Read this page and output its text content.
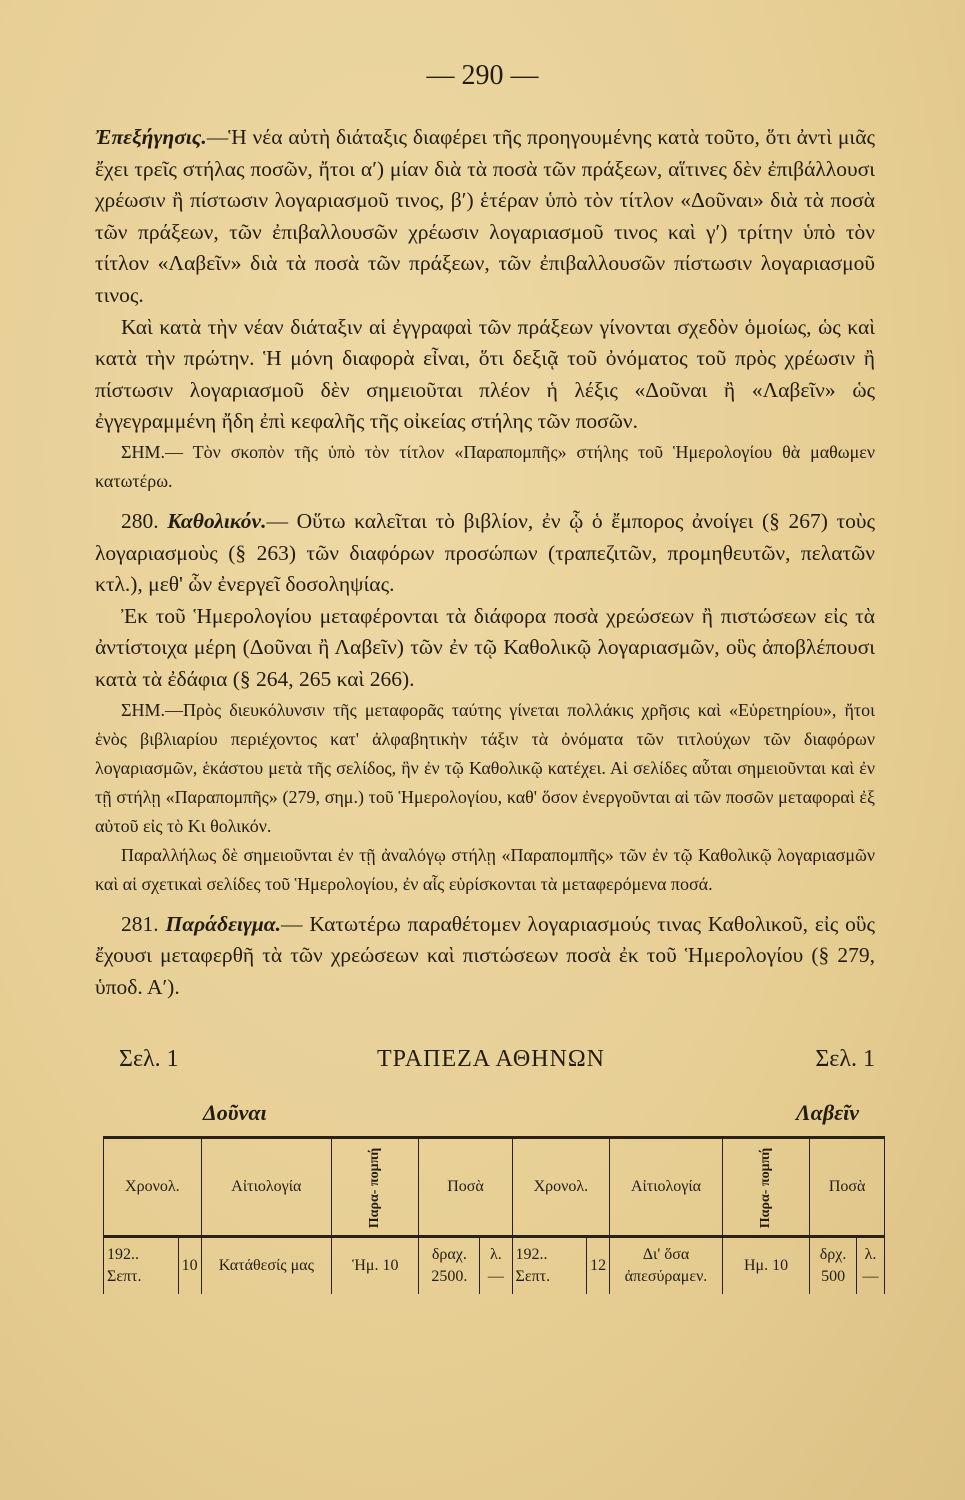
— 290 —

Ἐπεξήγησις.—Ἡ νέα αὐτὴ διάταξις διαφέρει τῆς προηγουμένης κατὰ τοῦτο, ὅτι ἀντὶ μιᾶς ἔχει τρεῖς στήλας ποσῶν, ἤτοι α′) μίαν διὰ τὰ ποσὰ τῶν πράξεων, αἵτινες δὲν ἐπιβάλλουσι χρέωσιν ἢ πίστωσιν λογαριασμοῦ τινος, β′) ἑτέραν ὑπὸ τὸν τίτλον «Δοῦναι» διὰ τὰ ποσὰ τῶν πράξεων, τῶν ἐπιβαλλουσῶν χρέωσιν λογαριασμοῦ τινος καὶ γ′) τρίτην ὑπὸ τὸν τίτλον «Λαβεῖν» διὰ τὰ ποσὰ τῶν πράξεων, τῶν ἐπιβαλλουσῶν πίστωσιν λογαριασμοῦ τινος.

Καὶ κατὰ τὴν νέαν διάταξιν αἱ ἐγγραφαὶ τῶν πράξεων γίνονται σχεδὸν ὁμοίως, ὡς καὶ κατὰ τὴν πρώτην. Ἡ μόνη διαφορὰ εἶναι, ὅτι δεξιᾷ τοῦ ὀνόματος τοῦ πρὸς χρέωσιν ἢ πίστωσιν λογαριασμοῦ δὲν σημειοῦται πλέον ἡ λέξις «Δοῦναι ἢ «Λαβεῖν» ὡς ἐγγεγραμμένη ἤδη ἐπὶ κεφαλῆς τῆς οἰκείας στήλης τῶν ποσῶν.

ΣΗΜ.— Τὸν σκοπὸν τῆς ὑπὸ τὸν τίτλον «Παραπομπῆς» στήλης τοῦ Ἡμερολογίου θὰ μαθωμεν κατωτέρω.

280. Καθολικόν.— Οὕτω καλεῖται τὸ βιβλίον, ἐν ᾧ ὁ ἔμπορος ἀνοίγει (§ 267) τοὺς λογαριασμοὺς (§ 263) τῶν διαφόρων προσώπων (τραπεζιτῶν, προμηθευτῶν, πελατῶν κτλ.), μεθ' ὧν ἐνεργεῖ δοσοληψίας.

Ἐκ τοῦ Ἡμερολογίου μεταφέρονται τὰ διάφορα ποσὰ χρεώσεων ἢ πιστώσεων εἰς τὰ ἀντίστοιχα μέρη (Δοῦναι ἢ Λαβεῖν) τῶν ἐν τῷ Καθολικῷ λογαριασμῶν, οὓς ἀποβλέπουσι κατὰ τὰ ἐδάφια (§ 264, 265 καὶ 266).

ΣΗΜ.—Πρὸς διευκόλυνσιν τῆς μεταφορᾶς ταύτης γίνεται πολλάκις χρῆσις καὶ «Εὑρετηρίου», ἤτοι ἑνὸς βιβλιαρίου περιέχοντος κατ' ἀλφαβητικὴν τάξιν τὰ ὀνόματα τῶν τιτλούχων τῶν διαφόρων λογαριασμῶν, ἑκάστου μετὰ τῆς σελίδος, ἣν ἐν τῷ Καθολικῷ κατέχει. Αἱ σελίδες αὗται σημειοῦνται καὶ ἐν τῇ στήλῃ «Παραπομπῆς» (279, σημ.) τοῦ Ἡμερολογίου, καθ' ὅσον ἐνεργοῦνται αἱ τῶν ποσῶν μεταφοραὶ ἐξ αὐτοῦ εἰς τὸ Κι θολικόν.

Παραλλήλως δὲ σημειοῦνται ἐν τῇ ἀναλόγῳ στήλῃ «Παραπομπῆς» τῶν ἐν τῷ Καθολικῷ λογαριασμῶν καὶ αἱ σχετικαὶ σελίδες τοῦ Ἡμερολογίου, ἐν αἷς εὑρίσκονται τὰ μεταφερόμενα ποσά.

281. Παράδειγμα.— Κατωτέρω παραθέτομεν λογαριασμούς τινας Καθολικοῦ, εἰς οὓς ἔχουσι μεταφερθῆ τὰ τῶν χρεώσεων καὶ πιστώσεων ποσὰ ἐκ τοῦ Ἡμερολογίου (§ 279, ὑποδ. Α′).

ΤΡΑΠΕΖΑ ΑΘΗΝΩΝ
Σελ. 1	Σελ. 1
Δοῦναι	Λαβεῖν
Χρονολ.		Αἰτιολογία	Παρα- πομπή	Ποσὰ		Χρονολ.		Αἰτιολογία	Παρα- πομπή	Ποσὰ	
192.. Σεπτ.	10	Κατάθεσίς μας	Ἡμ. 10	δραχ. 2500.	λ. —	192.. Σεπτ.	12	Δι' ὅσα ἀπεσύραμεν.	Ημ. 10	δρχ. 500	λ. —
